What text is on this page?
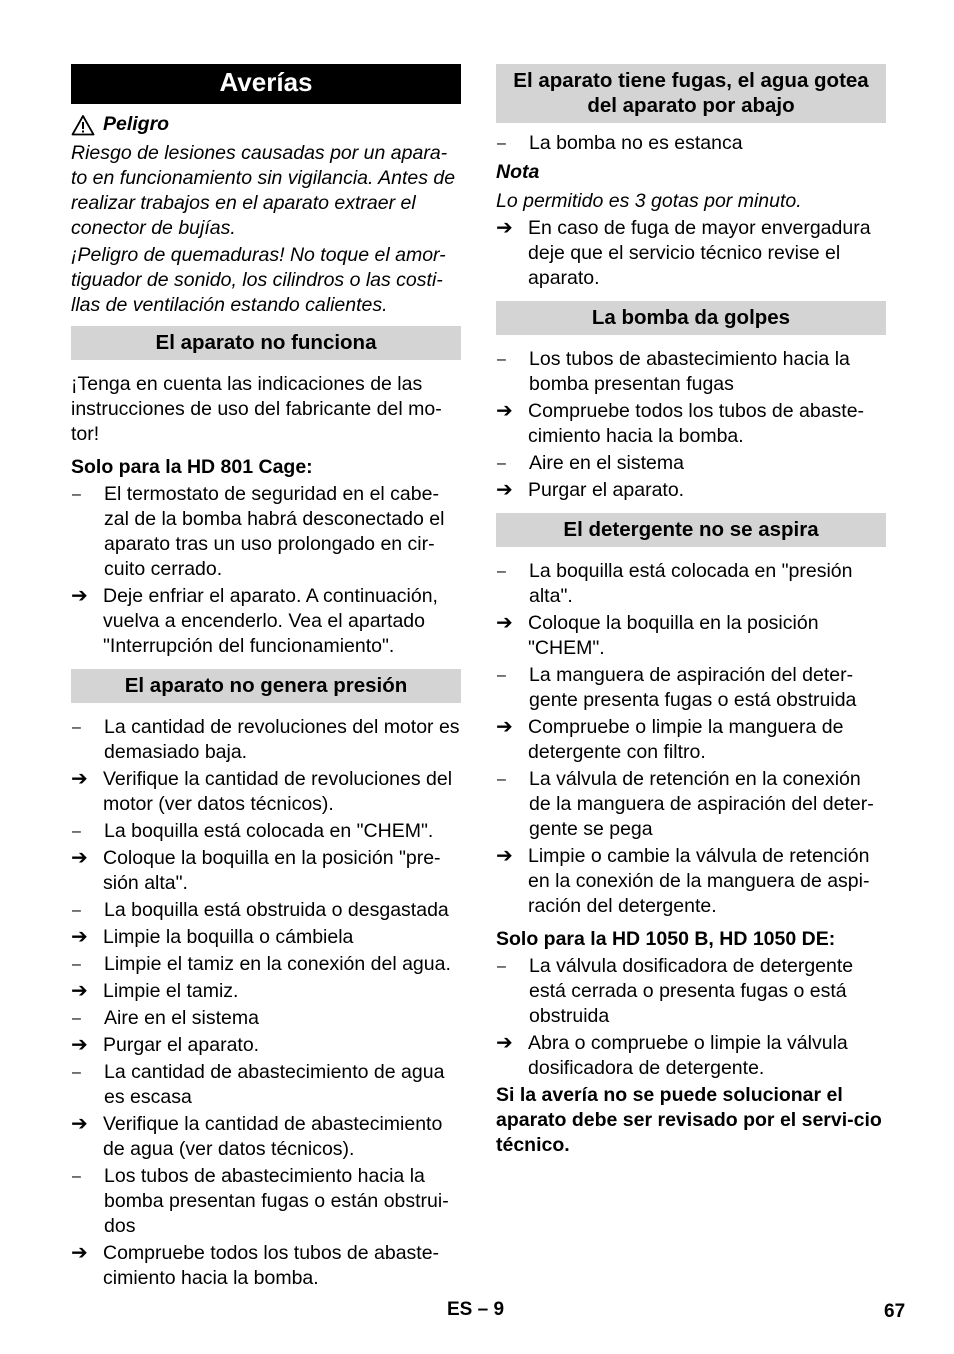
Averías
Peligro

Riesgo de lesiones causadas por un apara-to en funcionamiento sin vigilancia. Antes de realizar trabajos en el aparato extraer el conector de bujías.

¡Peligro de quemaduras! No toque el amor-tiguador de sonido, los cilindros o las costi-llas de ventilación estando calientes.

El aparato no funciona

¡Tenga en cuenta las indicaciones de las instrucciones de uso del fabricante del mo-tor!

Solo para la HD 801 Cage:

–	El termostato de seguridad en el cabe-zal de la bomba habrá desconectado el aparato tras un uso prolongado en cir-cuito cerrado.
➔ Deje enfriar el aparato. A continuación, vuelva a encenderlo. Vea el apartado "Interrupción del funcionamiento".
El aparato no genera presión
–	La cantidad de revoluciones del motor es demasiado baja.
➔ Verifique la cantidad de revoluciones del motor (ver datos técnicos).
–	La boquilla está colocada en "CHEM".
➔ Coloque la boquilla en la posición "pre-sión alta".
–	La boquilla está obstruida o desgastada
➔ Limpie la boquilla o cámbiela
–	Limpie el tamiz en la conexión del agua.
➔ Limpie el tamiz.
–	Aire en el sistema
➔ Purgar el aparato.
–	La cantidad de abastecimiento de agua es escasa
➔ Verifique la cantidad de abastecimiento de agua (ver datos técnicos).
–	Los tubos de abastecimiento hacia la bomba presentan fugas o están obstrui-dos
➔ Compruebe todos los tubos de abaste-cimiento hacia la bomba.
El aparato tiene fugas, el agua gotea del aparato por abajo
–	La bomba no es estanca

Nota

Lo permitido es 3 gotas por minuto.

➔ En caso de fuga de mayor envergadura deje que el servicio técnico revise el aparato.
La bomba da golpes
–	Los tubos de abastecimiento hacia la bomba presentan fugas
➔ Compruebe todos los tubos de abaste-cimiento hacia la bomba.
–	Aire en el sistema
➔ Purgar el aparato.
El detergente no se aspira
–	La boquilla está colocada en "presión alta".
➔ Coloque la boquilla en la posición "CHEM".
–	La manguera de aspiración del deter-gente presenta fugas o está obstruida
➔ Compruebe o limpie la manguera de detergente con filtro.
–	La válvula de retención en la conexión de la manguera de aspiración del deter-gente se pega
➔ Limpie o cambie la válvula de retención en la conexión de la manguera de aspi-ración del detergente.

Solo para la HD 1050 B, HD 1050 DE:

–	La válvula dosificadora de detergente está cerrada o presenta fugas o está obstruida
➔ Abra o compruebe o limpie la válvula dosificadora de detergente.

Si la avería no se puede solucionar el aparato debe ser revisado por el servi-cio técnico.

ES – 9	67
